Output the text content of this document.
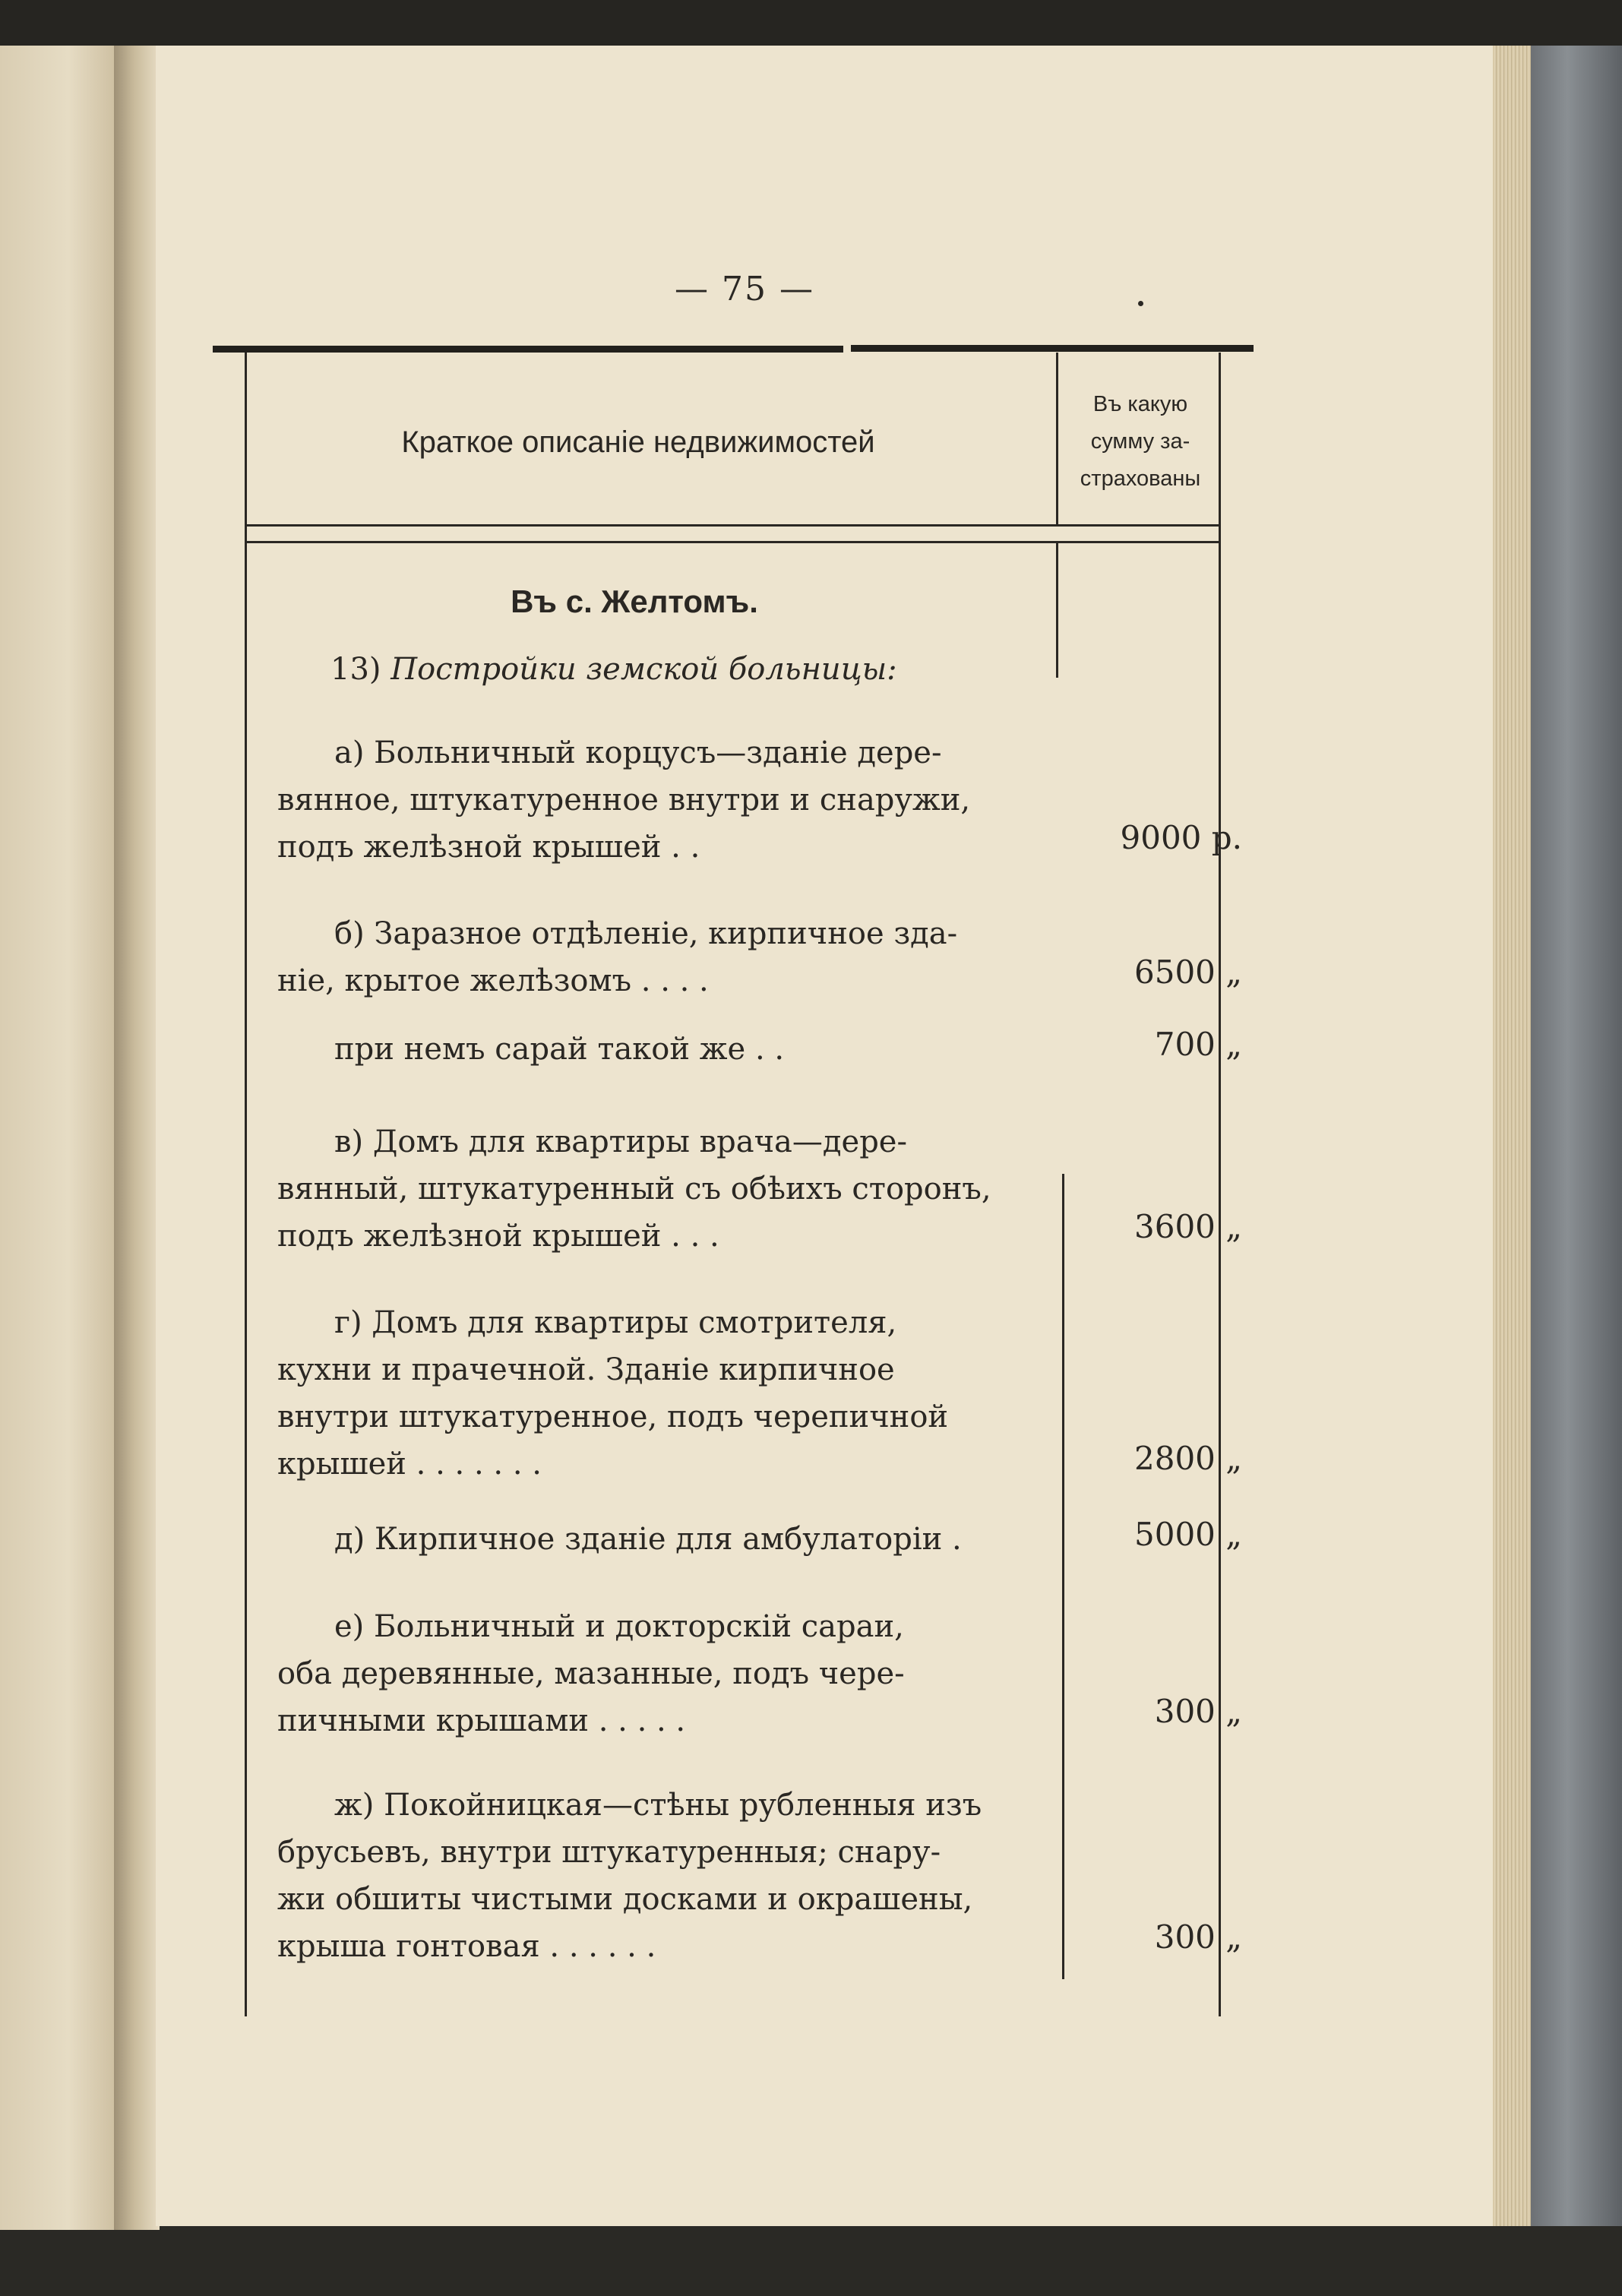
— 75 —
Краткое описаніе недвижимостей
Въ какую
сумму за-
страхованы
Въ с. Желтомъ.
13) Постройки земской больницы:
а) Больничный корцусъ—зданіе дере-
вянное, штукатуренное внутри и снаружи,
подъ желѣзной крышей . .	9000 р.
б) Заразное отдѣленіе, кирпичное зда-
ніе, крытое желѣзомъ . . . .	6500 „
при немъ сарай такой же . .	700 „
в) Домъ для квартиры врача—дере-
вянный, штукатуренный съ обѣихъ сторонъ,
подъ желѣзной крышей . . .	3600 „
г) Домъ для квартиры смотрителя,
кухни и прачечной. Зданіе кирпичное
внутри штукатуренное, подъ черепичной
крышей . . . . . . .	2800 „
д) Кирпичное зданіе для амбулаторіи .	5000 „
е) Больничный и докторскій сараи,
оба деревянные, мазанные, подъ чере-
пичными крышами . . . . .	300 „
ж) Покойницкая—стѣны рубленныя изъ
брусьевъ, внутри штукатуренныя; снару-
жи обшиты чистыми досками и окрашены,
крыша гонтовая . . . . . .	300 „
